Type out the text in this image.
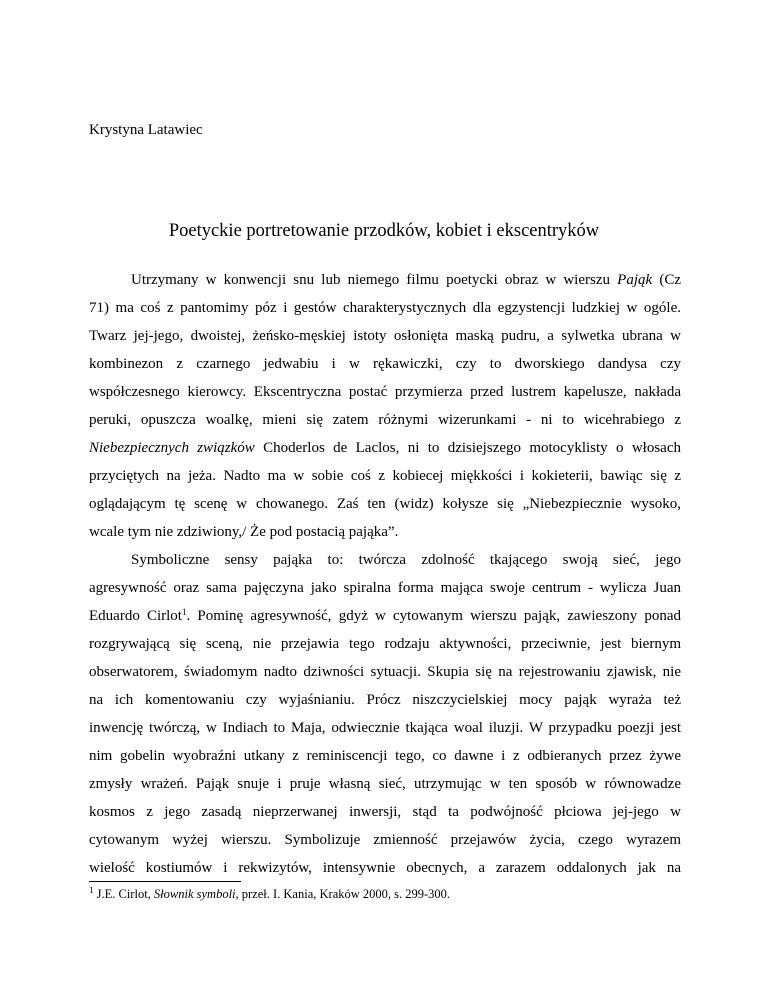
Krystyna Latawiec

Poetyckie portretowanie przodków, kobiet i ekscentryków
Utrzymany w konwencji snu lub niemego filmu poetycki obraz w wierszu Pająk (Cz
71) ma coś z pantomimy póz i gestów charakterystycznych dla egzystencji ludzkiej w ogóle.
Twarz jej-jego, dwoistej, żeńsko-męskiej istoty osłonięta maską pudru, a sylwetka ubrana w
kombinezon z czarnego jedwabiu i w rękawiczki, czy to dworskiego dandysa czy
współczesnego kierowcy. Ekscentryczna postać przymierza przed lustrem kapelusze, nakłada
peruki, opuszcza woalkę, mieni się zatem różnymi wizerunkami - ni to wicehrabiego z
Niebezpiecznych związków Choderlos de Laclos, ni to dzisiejszego motocyklisty o włosach
przyciętych na jeża. Nadto ma w sobie coś z kobiecej miękkości i kokieterii, bawiąc się z
oglądającym tę scenę w chowanego. Zaś ten (widz) kołysze się „Niebezpiecznie wysoko,
wcale tym nie zdziwiony,/ Że pod postacią pająka”.
Symboliczne sensy pająka to: twórcza zdolność tkającego swoją sieć, jego
agresywność oraz sama pajęczyna jako spiralna forma mająca swoje centrum - wylicza Juan
Eduardo Cirlot$^1$. Pominę agresywność, gdyż w cytowanym wierszu pająk, zawieszony ponad
rozgrywającą się sceną, nie przejawia tego rodzaju aktywności, przeciwnie, jest biernym
obserwatorem, świadomym nadto dziwności sytuacji. Skupia się na rejestrowaniu zjawisk, nie
na ich komentowaniu czy wyjaśnianiu. Prócz niszczycielskiej mocy pająk wyraża też
inwencję twórczą, w Indiach to Maja, odwiecznie tkająca woal iluzji. W przypadku poezji jest
nim gobelin wyobraźni utkany z reminiscencji tego, co dawne i z odbieranych przez żywe
zmysły wrażeń. Pająk snuje i pruje własną sieć, utrzymując w ten sposób w równowadze
kosmos z jego zasadą nieprzerwanej inwersji, stąd ta podwójność płciowa jej-jego w
cytowanym wyżej wierszu. Symbolizuje zmienność przejawów życia, czego wyrazem
wielość kostiumów i rekwizytów, intensywnie obecnych, a zarazem oddalonych jak na

$^1$ J.E. Cirlot, Słownik symboli, przeł. I. Kania, Kraków 2000, s. 299-300.
